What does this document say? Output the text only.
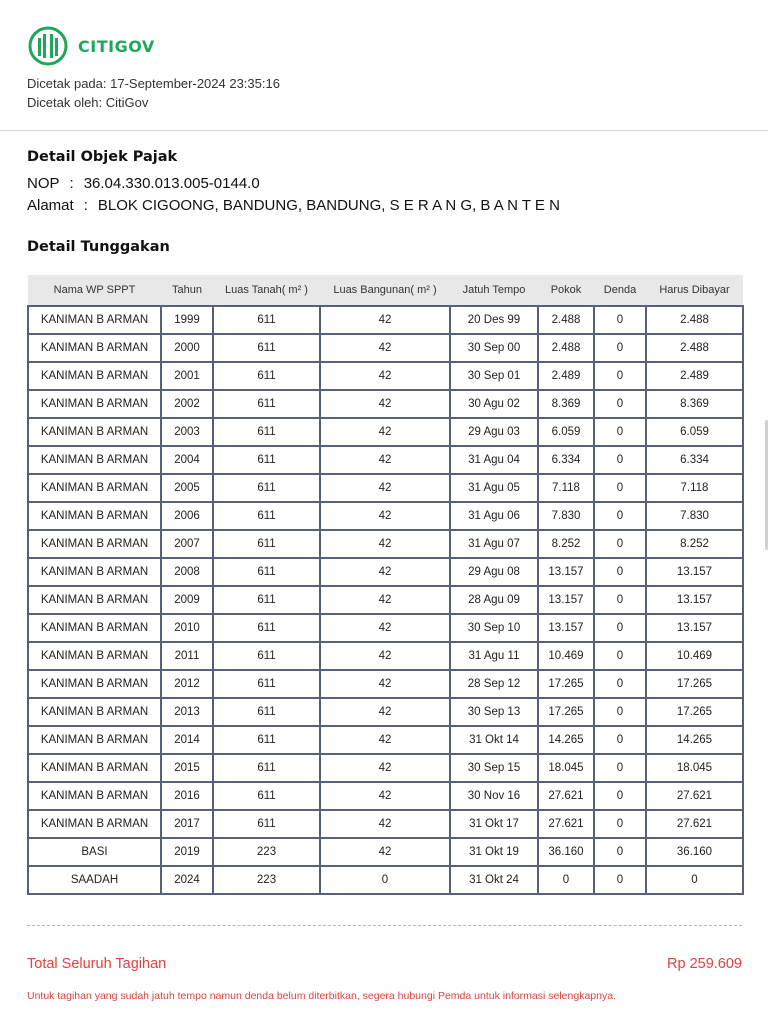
CITIGOV
Dicetak pada: 17-September-2024 23:35:16
Dicetak oleh: CitiGov
Detail Objek Pajak
NOP : 36.04.330.013.005-0144.0
Alamat : BLOK CIGOONG, BANDUNG, BANDUNG, S E R A N G, B A N T E N
Detail Tunggakan
Nama WP SPPT	Tahun	Luas Tanah( m² )	Luas Bangunan( m² )	Jatuh Tempo	Pokok	Denda	Harus Dibayar
KANIMAN B ARMAN	1999	611	42	20 Des 99	2.488	0	2.488
KANIMAN B ARMAN	2000	611	42	30 Sep 00	2.488	0	2.488
KANIMAN B ARMAN	2001	611	42	30 Sep 01	2.489	0	2.489
KANIMAN B ARMAN	2002	611	42	30 Agu 02	8.369	0	8.369
KANIMAN B ARMAN	2003	611	42	29 Agu 03	6.059	0	6.059
KANIMAN B ARMAN	2004	611	42	31 Agu 04	6.334	0	6.334
KANIMAN B ARMAN	2005	611	42	31 Agu 05	7.118	0	7.118
KANIMAN B ARMAN	2006	611	42	31 Agu 06	7.830	0	7.830
KANIMAN B ARMAN	2007	611	42	31 Agu 07	8.252	0	8.252
KANIMAN B ARMAN	2008	611	42	29 Agu 08	13.157	0	13.157
KANIMAN B ARMAN	2009	611	42	28 Agu 09	13.157	0	13.157
KANIMAN B ARMAN	2010	611	42	30 Sep 10	13.157	0	13.157
KANIMAN B ARMAN	2011	611	42	31 Agu 11	10.469	0	10.469
KANIMAN B ARMAN	2012	611	42	28 Sep 12	17.265	0	17.265
KANIMAN B ARMAN	2013	611	42	30 Sep 13	17.265	0	17.265
KANIMAN B ARMAN	2014	611	42	31 Okt 14	14.265	0	14.265
KANIMAN B ARMAN	2015	611	42	30 Sep 15	18.045	0	18.045
KANIMAN B ARMAN	2016	611	42	30 Nov 16	27.621	0	27.621
KANIMAN B ARMAN	2017	611	42	31 Okt 17	27.621	0	27.621
BASI	2019	223	42	31 Okt 19	36.160	0	36.160
SAADAH	2024	223	0	31 Okt 24	0	0	0
Total Seluruh Tagihan	Rp 259.609
Untuk tagihan yang sudah jatuh tempo namun denda belum diterbitkan, segera hubungi Pemda untuk informasi selengkapnya.
